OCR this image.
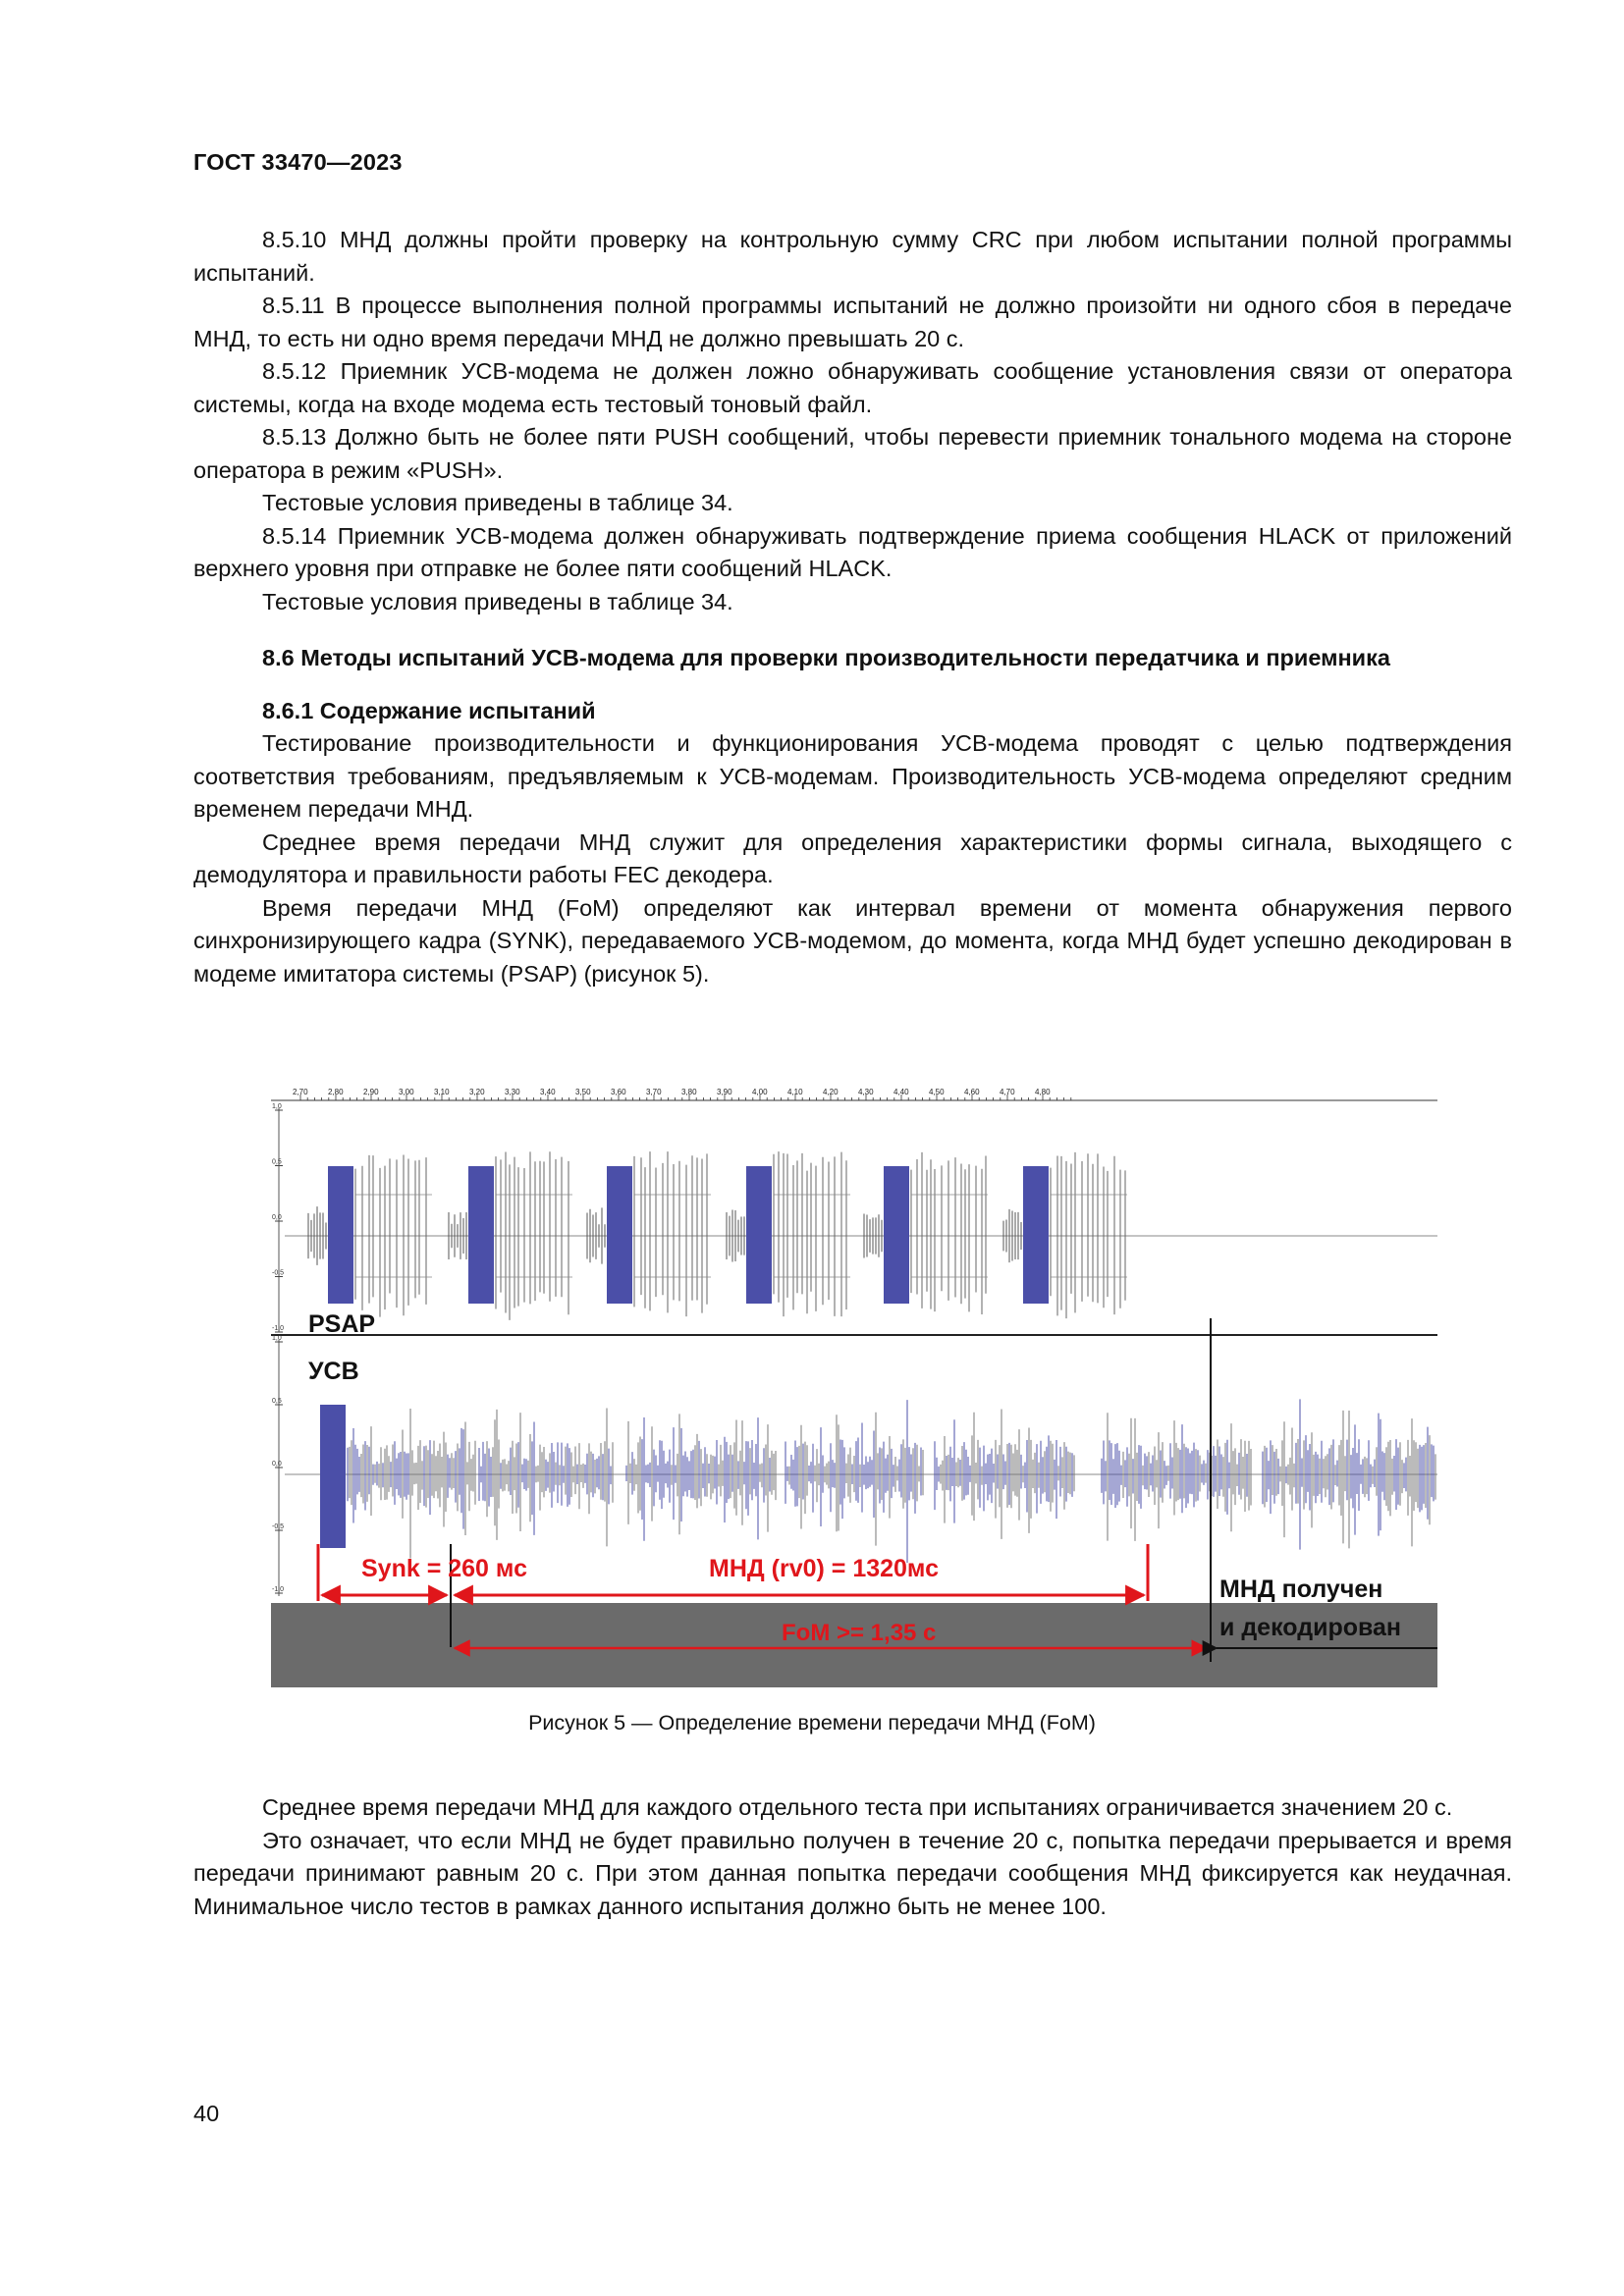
ГОСТ 33470—2023

8.5.10 МНД должны пройти проверку на контрольную сумму CRC при любом испытании полной программы испытаний.

8.5.11 В процессе выполнения полной программы испытаний не должно произойти ни одного сбоя в передаче МНД, то есть ни одно время передачи МНД не должно превышать 20 с.

8.5.12 Приемник УСВ-модема не должен ложно обнаруживать сообщение установления связи от оператора системы, когда на входе модема есть тестовый тоновый файл.

8.5.13 Должно быть не более пяти PUSH сообщений, чтобы перевести приемник тонального модема на стороне оператора в режим «PUSH».

Тестовые условия приведены в таблице 34.

8.5.14 Приемник УСВ-модема должен обнаруживать подтверждение приема сообщения HLACK от приложений верхнего уровня при отправке не более пяти сообщений HLACK.

Тестовые условия приведены в таблице 34.

8.6 Методы испытаний УСВ-модема для проверки производительности передатчика и приемника
8.6.1 Содержание испытаний

Тестирование производительности и функционирования УСВ-модема проводят с целью подтверждения соответствия требованиям, предъявляемым к УСВ-модемам. Производительность УСВ-модема определяют средним временем передачи МНД.

Среднее время передачи МНД служит для определения характеристики формы сигнала, выходящего с демодулятора и правильности работы FEC декодера.

Время передачи МНД (FoM) определяют как интервал времени от момента обнаружения первого синхронизирующего кадра (SYNK), передаваемого УСВ-модемом, до момента, когда МНД будет успешно декодирован в модеме имитатора системы (PSAP) (рисунок 5).

2,70	2,80	2,90	3,00	3,10	3,20	3,30	3,40	3,50	3,60	3,70	3,80	3,90	4,00	4,10	4,20	4,30	4,40	4,50	4,60	4,70	4,80
1,0
0,5
0,0
-0,5
-1,0 PSAP
1,0
0,5
0,0
-0,5
-1,0
УСВ
Synk = 260 мс	МНД (rv0) = 1320мс
FoM >= 1,35 с
МНД получен
и декодирован
Рисунок 5 — Определение времени передачи МНД (FoM)

Среднее время передачи МНД для каждого отдельного теста при испытаниях ограничивается значением 20 с.

Это означает, что если МНД не будет правильно получен в течение 20 с, попытка передачи прерывается и время передачи принимают равным 20 с. При этом данная попытка передачи сообщения МНД фиксируется как неудачная. Минимальное число тестов в рамках данного испытания должно быть не менее 100.

40
